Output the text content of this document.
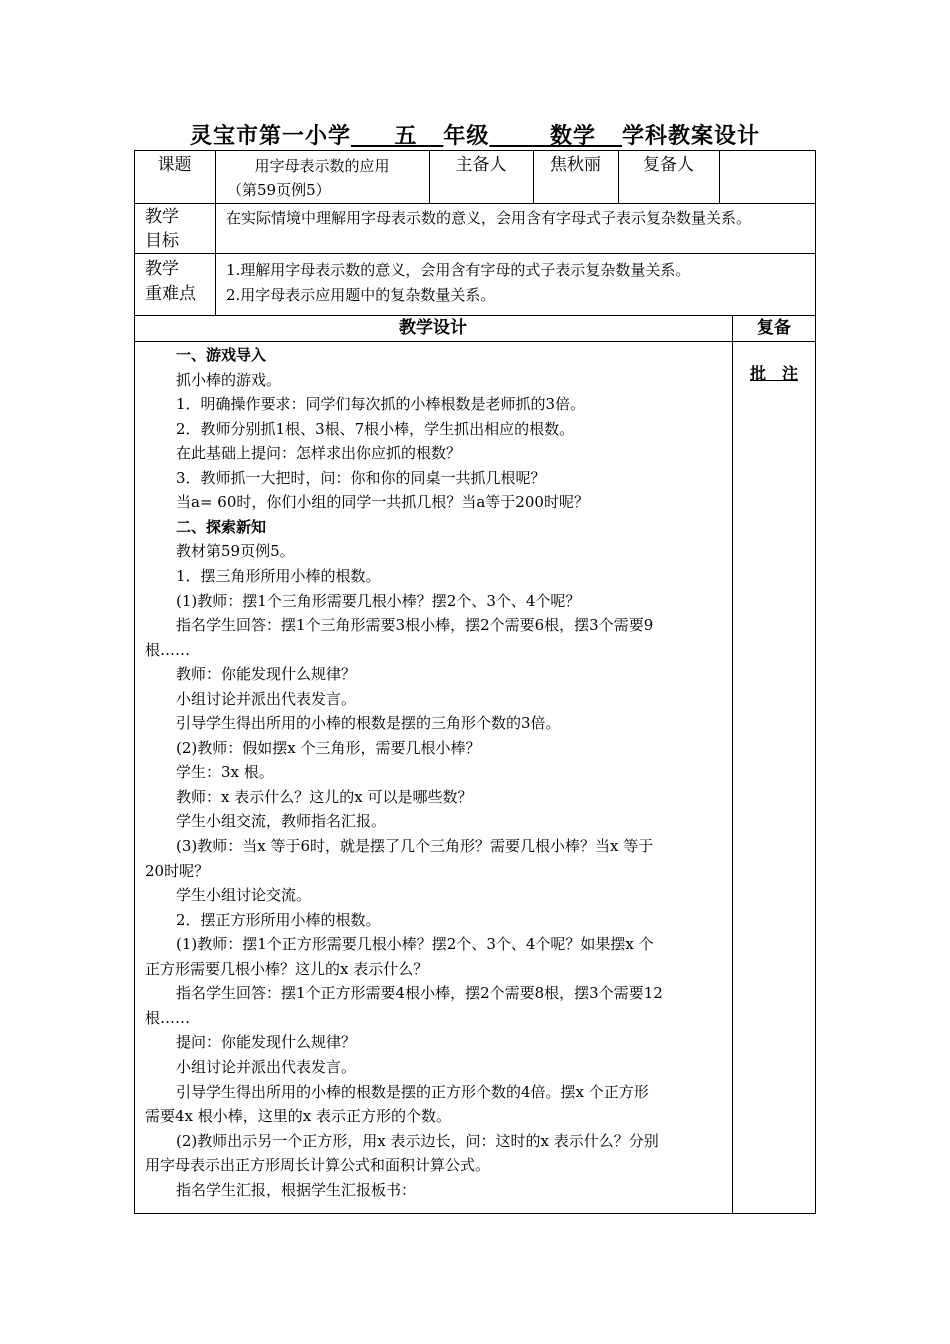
灵宝市第一小学 五 年级	数学 学科教案设计
课题	用字母表示数的应用
（第59页例5）
主备人	焦秋丽	复备人
教学
目标
在实际情境中理解用字母表示数的意义，会用含有字母式子表示复杂数量关系。
教学
重难点
1.理解用字母表示数的意义，会用含有字母的式子表示复杂数量关系。
2.用字母表示应用题中的复杂数量关系。
教学设计	复备
批　注
一、游戏导入
抓小棒的游戏。
1．明确操作要求：同学们每次抓的小棒根数是老师抓的3倍。
2．教师分别抓1根、3根、7根小棒，学生抓出相应的根数。
在此基础上提问：怎样求出你应抓的根数？
3．教师抓一大把时，问：你和你的同桌一共抓几根呢？
当a= 60时，你们小组的同学一共抓几根？当a等于200时呢？
二、探索新知
教材第59页例5。
1．摆三角形所用小棒的根数。
(1)教师：摆1个三角形需要几根小棒？摆2个、3个、4个呢？
指名学生回答：摆1个三角形需要3根小棒，摆2个需要6根，摆3个需要9
根……
教师：你能发现什么规律？
小组讨论并派出代表发言。
引导学生得出所用的小棒的根数是摆的三角形个数的3倍。
(2)教师：假如摆x 个三角形，需要几根小棒？
学生：3x 根。
教师：x 表示什么？这儿的x 可以是哪些数？
学生小组交流，教师指名汇报。
(3)教师：当x 等于6时，就是摆了几个三角形？需要几根小棒？当x 等于
20时呢？
学生小组讨论交流。
2．摆正方形所用小棒的根数。
(1)教师：摆1个正方形需要几根小棒？摆2个、3个、4个呢？如果摆x 个
正方形需要几根小棒？这儿的x 表示什么？
指名学生回答：摆1个正方形需要4根小棒，摆2个需要8根，摆3个需要12
根……
提问：你能发现什么规律？
小组讨论并派出代表发言。
引导学生得出所用的小棒的根数是摆的正方形个数的4倍。摆x 个正方形
需要4x 根小棒，这里的x 表示正方形的个数。
(2)教师出示另一个正方形，用x 表示边长，问：这时的x 表示什么？分别
用字母表示出正方形周长计算公式和面积计算公式。
指名学生汇报，根据学生汇报板书：
